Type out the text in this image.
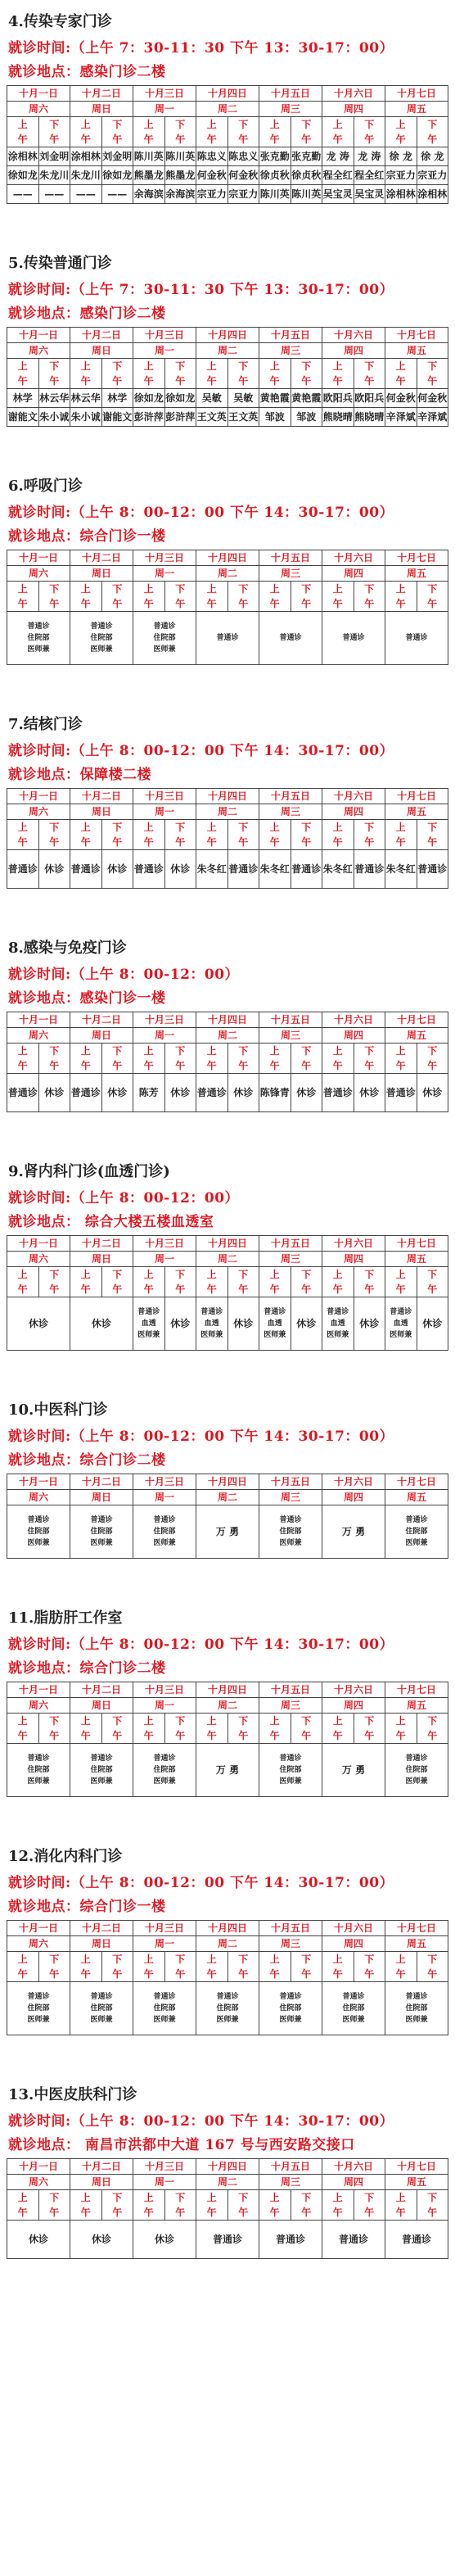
4.传染专家门诊
就诊时间:（上午 7：30-11：30 下午 13：30-17：00）
就诊地点：感染门诊二楼
十月一日		十月二日		十月三日		十月四日		十月五日		十月六日		十月七日	
周六		周日		周一		周二		周三		周四		周五	

上
午	下
午	上
午	下
午	上
午	下
午	上
午	下
午	上
午	下
午	上
午	下
午	上
午	下
午

涂相林	刘金明	涂相林	刘金明	陈川英	陈川英	陈忠义	陈忠义	张克勤	张克勤	龙 涛	龙 涛	徐 龙	徐 龙

徐如龙	朱龙川	朱龙川	徐如龙	熊墨龙	熊墨龙	何金秋	何金秋	徐贞秋	徐贞秋	程全红	程全红	宗亚力	宗亚力

——	——	——	——	余海滨	余海滨	宗亚力	宗亚力	陈川英	陈川英	吴宝灵	吴宝灵	涂相林	涂相林
5.传染普通门诊
就诊时间:（上午 7：30-11：30 下午 13：30-17：00）
就诊地点：感染门诊二楼
十月一日		十月二日		十月三日		十月四日		十月五日		十月六日		十月七日	
周六		周日		周一		周二		周三		周四		周五	

上
午	下
午	上
午	下
午	上
午	下
午	上
午	下
午	上
午	下
午	上
午	下
午	上
午	下
午

林学	林云华	林云华	林学	徐如龙	徐如龙	吴敏	吴敏	黄艳霞	黄艳霞	欧阳兵	欧阳兵	何金秋	何金秋

谢能文	朱小诚	朱小诚	谢能文	彭浒萍	彭浒萍	王文英	王文英	邹波	邹波	熊晓晴	熊晓晴	辛泽斌	辛泽斌
6.呼吸门诊
就诊时间:（上午 8：00-12：00 下午 14：30-17：00）
就诊地点：综合门诊一楼
十月一日		十月二日		十月三日		十月四日		十月五日		十月六日		十月七日	
周六		周日		周一		周二		周三		周四		周五	

上
午	下
午	上
午	下
午	上
午	下
午	上
午	下
午	上
午	下
午	上
午	下
午	上
午	下
午

普通诊
住院部
医师兼		普通诊
住院部
医师兼		普通诊
住院部
医师兼		普通诊		普通诊		普通诊		普通诊	
7.结核门诊
就诊时间:（上午 8：00-12：00 下午 14：30-17：00）
就诊地点：保障楼二楼
十月一日		十月二日		十月三日		十月四日		十月五日		十月六日		十月七日	
周六		周日		周一		周二		周三		周四		周五	

上
午	下
午	上
午	下
午	上
午	下
午	上
午	下
午	上
午	下
午	上
午	下
午	上
午	下
午

普通诊	休诊	普通诊	休诊	普通诊	休诊	朱冬红	普通诊	朱冬红	普通诊	朱冬红	普通诊	朱冬红	普通诊
8.感染与免疫门诊
就诊时间:（上午 8：00-12：00）
就诊地点：感染门诊一楼
十月一日		十月二日		十月三日		十月四日		十月五日		十月六日		十月七日	
周六		周日		周一		周二		周三		周四		周五	

上
午	下
午	上
午	下
午	上
午	下
午	上
午	下
午	上
午	下
午	上
午	下
午	上
午	下
午

普通诊	休诊	普通诊	休诊	陈芳	休诊	普通诊	休诊	陈锋青	休诊	普通诊	休诊	普通诊	休诊
9.肾内科门诊(血透门诊)
就诊时间:（上午 8：00-12：00）
就诊地点： 综合大楼五楼血透室
十月一日		十月二日		十月三日		十月四日		十月五日		十月六日		十月七日	
周六		周日		周一		周二		周三		周四		周五	

上
午	下
午	上
午	下
午	上
午	下
午	上
午	下
午	上
午	下
午	上
午	下
午	上
午	下
午

休诊		休诊		普通诊
血透
医师兼	休诊	普通诊
血透
医师兼	休诊	普通诊
血透
医师兼	休诊	普通诊
血透
医师兼	休诊	普通诊
血透
医师兼	休诊
10.中医科门诊
就诊时间:（上午 8：00-12：00 下午 14：30-17：00）
就诊地点：综合门诊二楼
十月一日	十月二日	十月三日	十月四日	十月五日	十月六日	十月七日
周六	周日	周一	周二	周三	周四	周五

普通诊
住院部
医师兼	普通诊
住院部
医师兼	普通诊
住院部
医师兼	万 勇	普通诊
住院部
医师兼	万 勇	普通诊
住院部
医师兼
11.脂肪肝工作室
就诊时间:（上午 8：00-12：00 下午 14：30-17：00）
就诊地点：综合门诊二楼
十月一日		十月二日		十月三日		十月四日		十月五日		十月六日		十月七日	
周六		周日		周一		周二		周三		周四		周五	

上
午	下
午	上
午	下
午	上
午	下
午	上
午	下
午	上
午	下
午	上
午	下
午	上
午	下
午

普通诊
住院部
医师兼		普通诊
住院部
医师兼		普通诊
住院部
医师兼		万 勇		普通诊
住院部
医师兼		万 勇		普通诊
住院部
医师兼	
12.消化内科门诊
就诊时间:（上午 8：00-12：00 下午 14：30-17：00）
就诊地点：综合门诊一楼
十月一日		十月二日		十月三日		十月四日		十月五日		十月六日		十月七日	
周六		周日		周一		周二		周三		周四		周五	

上
午	下
午	上
午	下
午	上
午	下
午	上
午	下
午	上
午	下
午	上
午	下
午	上
午	下
午

普通诊
住院部
医师兼		普通诊
住院部
医师兼		普通诊
住院部
医师兼		普通诊
住院部
医师兼		普通诊
住院部
医师兼		普通诊
住院部
医师兼		普通诊
住院部
医师兼	
13.中医皮肤科门诊
就诊时间:（上午 8：00-12：00 下午 14：30-17：00）
就诊地点： 南昌市洪都中大道 167 号与西安路交接口
十月一日		十月二日		十月三日		十月四日		十月五日		十月六日		十月七日	
周六		周日		周一		周二		周三		周四		周五	

上
午	下
午	上
午	下
午	上
午	下
午	上
午	下
午	上
午	下
午	上
午	下
午	上
午	下
午

休诊		休诊		休诊		普通诊		普通诊		普通诊		普通诊	
